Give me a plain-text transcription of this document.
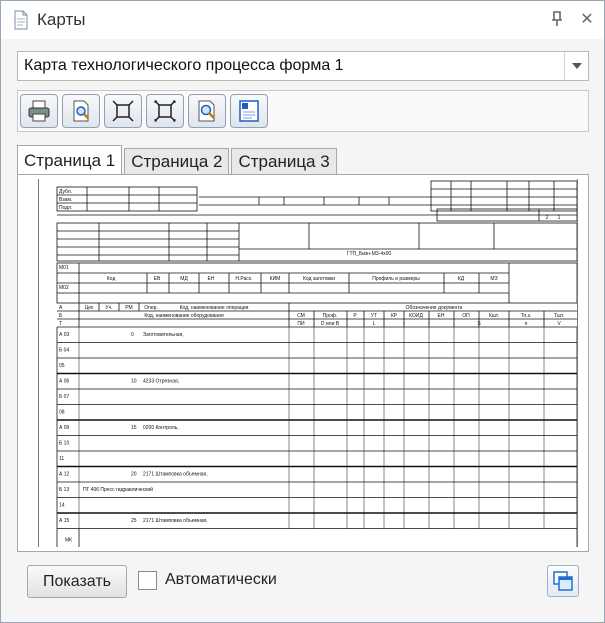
Карты	✕
Карта технологического процесса форма 1
Страница 1 Страница 2 Страница 3
Дубл.
Взам.
Подл.
ГТП_Бизн-М3-4х00
2 1
М01
М02
А
Б
Т
Код	ЕВ	МД	ЕН	Н.Расх.	КИМ	Код заготовки	Профиль и размеры	КД	МЗ
Цех Уч.	РМ Опер.	Код, наименование операции	Обозначение документа
Код, наименование оборудования	СМ	Проф.	Р	УТ	КР КОИД	ЕН	ОП	Кшт.	Тп.з.	Тшт.
ПИ	D или В	L	t	i	S	n	V
А 03	0 Заготовительная,
Б 04
05
А 06	10 4233 Отрезная,
Б 07
08
А 09	15 0200 Контроль,
Б 10
11
А 12	20 2171 Штамповка объемная,
Б 13	ПГ 406 Пресс гидравлический
14
А 15	25 2171 Штамповка объемная,
МК
Показать	Автоматически
